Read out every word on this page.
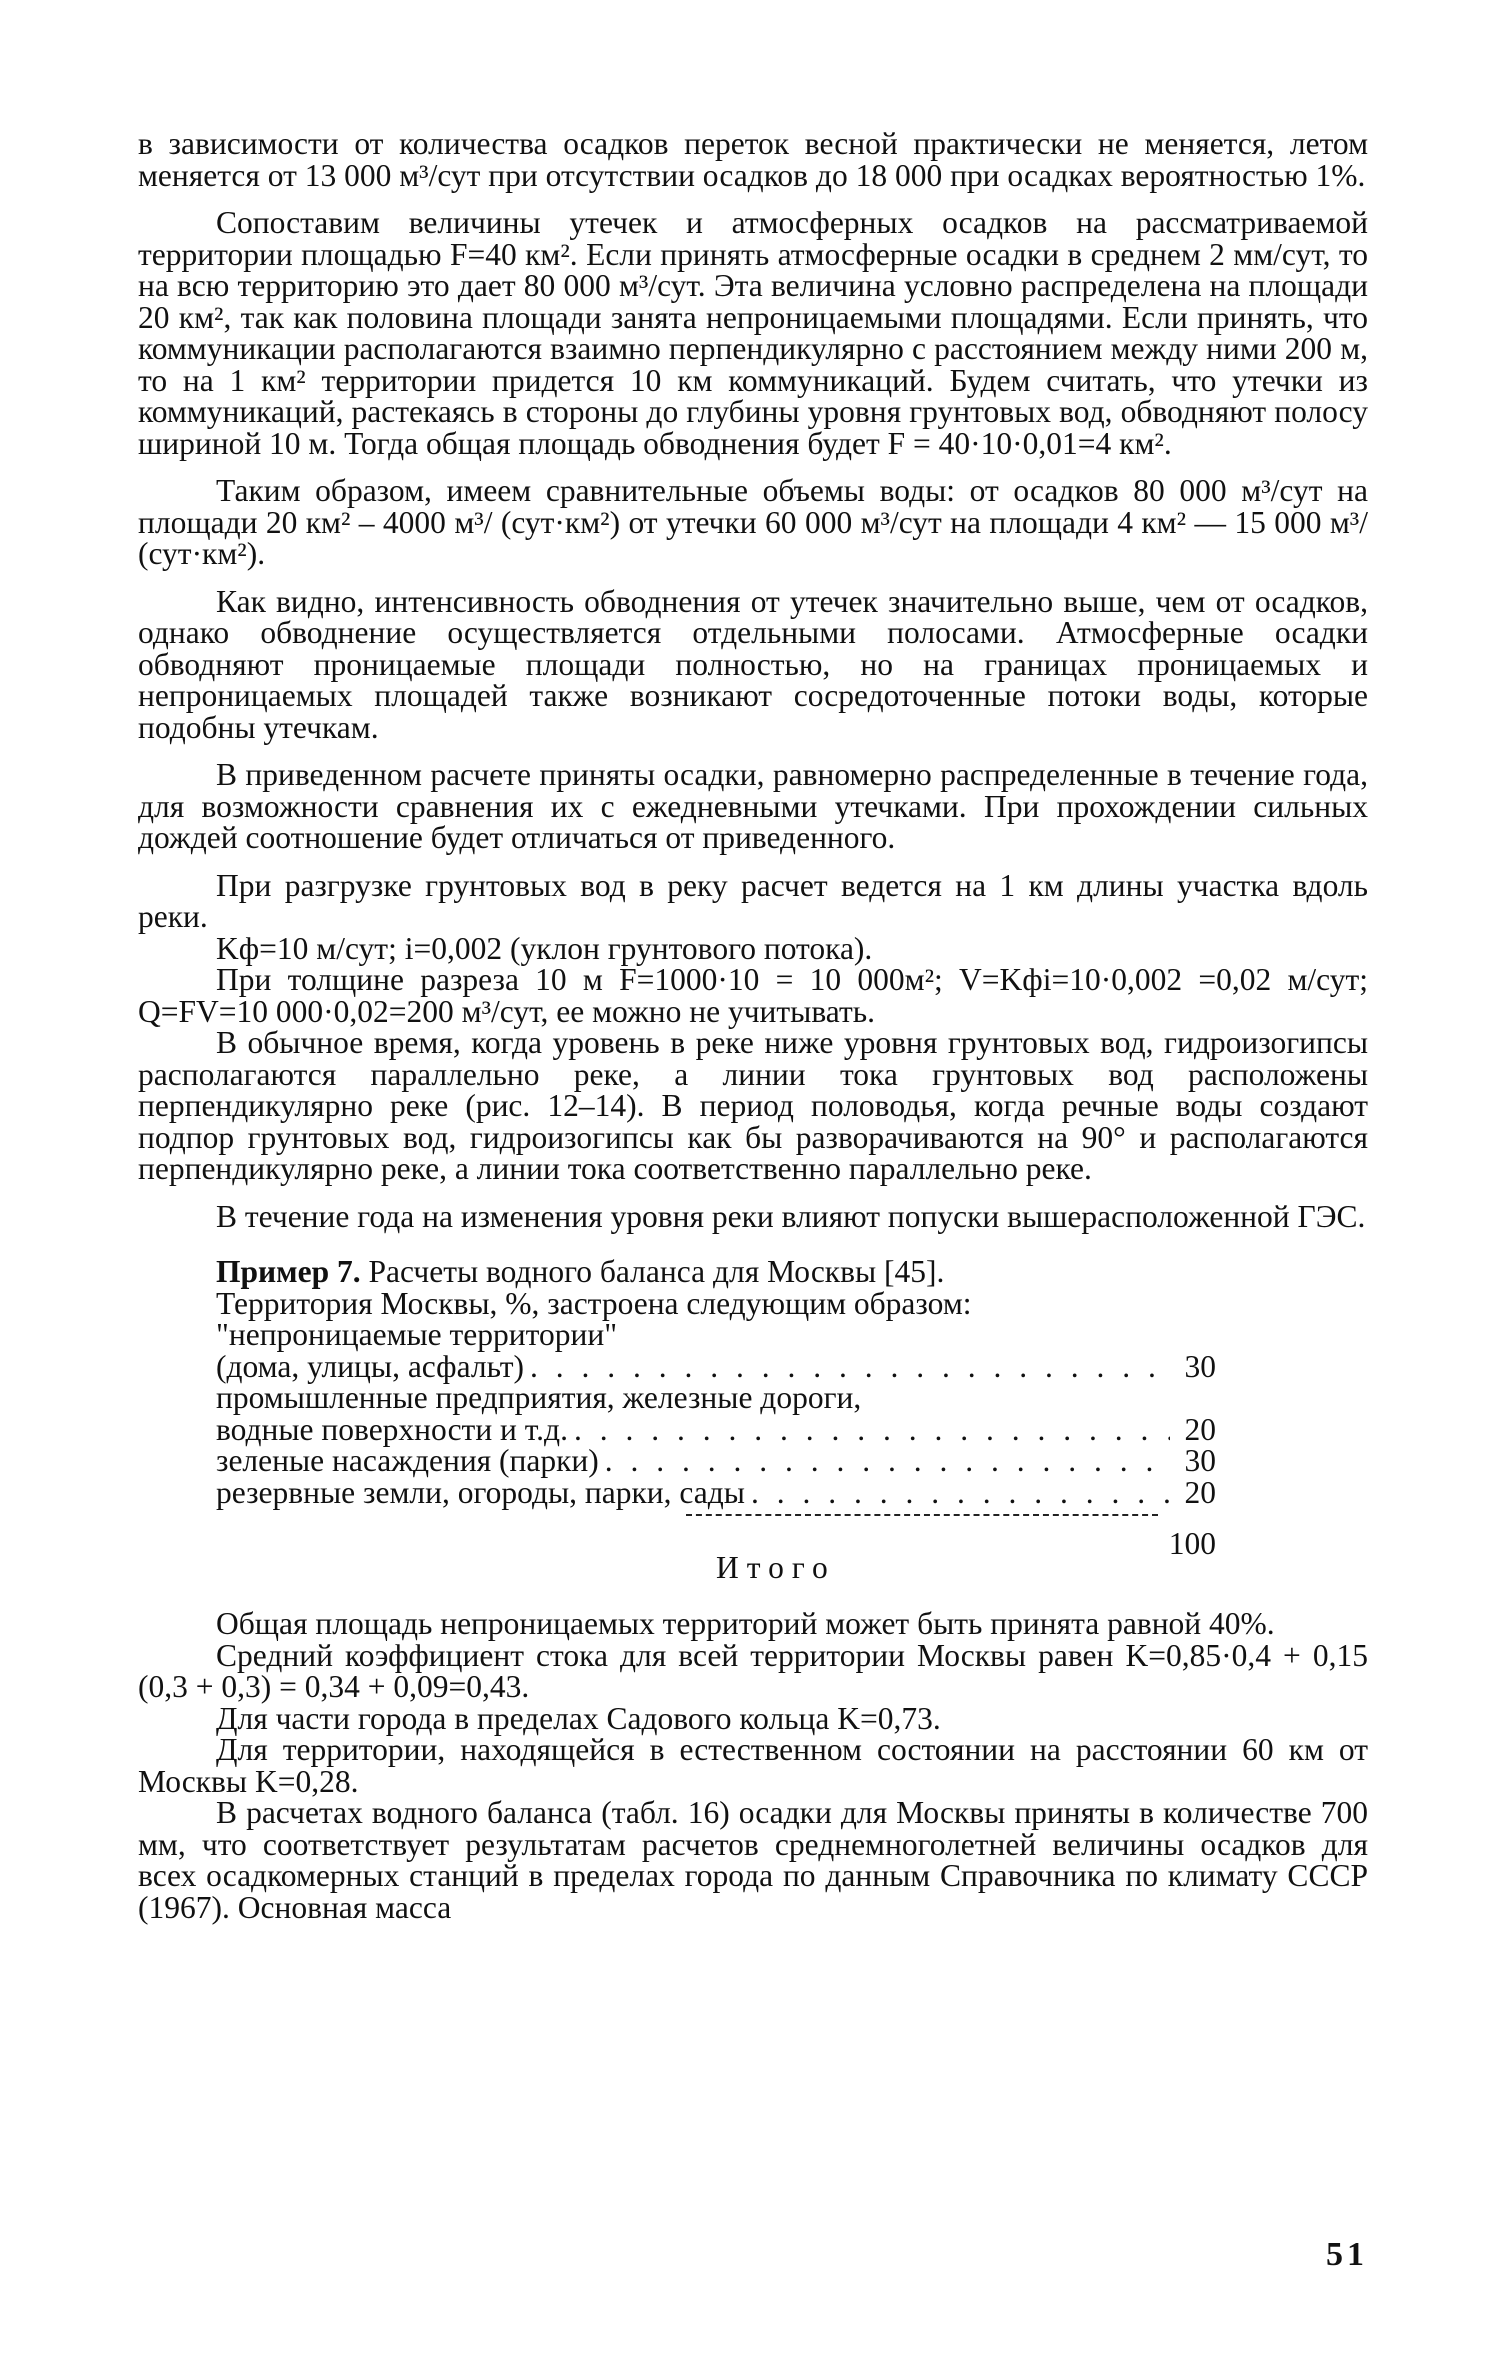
в зависимости от количества осадков переток весной практически не меняется, летом меняется от 13 000 м³/сут при отсутствии осадков до 18 000 при осадках вероятностью 1%.

Сопоставим величины утечек и атмосферных осадков на рассматриваемой территории площадью F=40 км². Если принять атмосферные осадки в среднем 2 мм/сут, то на всю территорию это дает 80 000 м³/сут. Эта величина условно распределена на площади 20 км², так как половина площади занята непроницаемыми площадями. Если принять, что коммуникации располагаются взаимно перпендикулярно с расстоянием между ними 200 м, то на 1 км² территории придется 10 км коммуникаций. Будем считать, что утечки из коммуникаций, растекаясь в стороны до глубины уровня грунтовых вод, обводняют полосу шириной 10 м. Тогда общая площадь обводнения будет F = 40·10·0,01=4 км².

Таким образом, имеем сравнительные объемы воды: от осадков 80 000 м³/сут на площади 20 км² – 4000 м³/ (сут·км²) от утечки 60 000 м³/сут на площади 4 км² — 15 000 м³/ (сут·км²).

Как видно, интенсивность обводнения от утечек значительно выше, чем от осадков, однако обводнение осуществляется отдельными полосами. Атмосферные осадки обводняют проницаемые площади полностью, но на границах проницаемых и непроницаемых площадей также возникают сосредоточенные потоки воды, которые подобны утечкам.

В приведенном расчете приняты осадки, равномерно распределенные в течение года, для возможности сравнения их с ежедневными утечками. При прохождении сильных дождей соотношение будет отличаться от приведенного.

При разгрузке грунтовых вод в реку расчет ведется на 1 км длины участка вдоль реки.

Kф=10 м/сут; i=0,002 (уклон грунтового потока).

При толщине разреза 10 м F=1000·10 = 10 000м²; V=Kфi=10·0,002 =0,02 м/сут; Q=FV=10 000·0,02=200 м³/сут, ее можно не учитывать.

В обычное время, когда уровень в реке ниже уровня грунтовых вод, гидроизогипсы располагаются параллельно реке, а линии тока грунтовых вод расположены перпендикулярно реке (рис. 12–14). В период половодья, когда речные воды создают подпор грунтовых вод, гидроизогипсы как бы разворачиваются на 90° и располагаются перпендикулярно реке, а линии тока соответственно параллельно реке.

В течение года на изменения уровня реки влияют попуски вышерасположенной ГЭС.

Пример 7. Расчеты водного баланса для Москвы [45].

Территория Москвы, %, застроена следующим образом:

"непроницаемые территории"

(дома, улицы, асфальт) . . .	30
промышленные предприятия, железные дороги,
водные поверхности и т.д. . . .	20
зеленые насаждения (парки) . . .	30
резервные земли, огороды, парки, сады . . .	20
Итого
100

Общая площадь непроницаемых территорий может быть принята равной 40%.

Средний коэффициент стока для всей территории Москвы равен K=0,85·0,4 + 0,15 (0,3 + 0,3) = 0,34 + 0,09=0,43.

Для части города в пределах Садового кольца K=0,73.

Для территории, находящейся в естественном состоянии на расстоянии 60 км от Москвы K=0,28.

В расчетах водного баланса (табл. 16) осадки для Москвы приняты в количестве 700 мм, что соответствует результатам расчетов среднемноголетней величины осадков для всех осадкомерных станций в пределах города по данным Справочника по климату СССР (1967). Основная масса

51
